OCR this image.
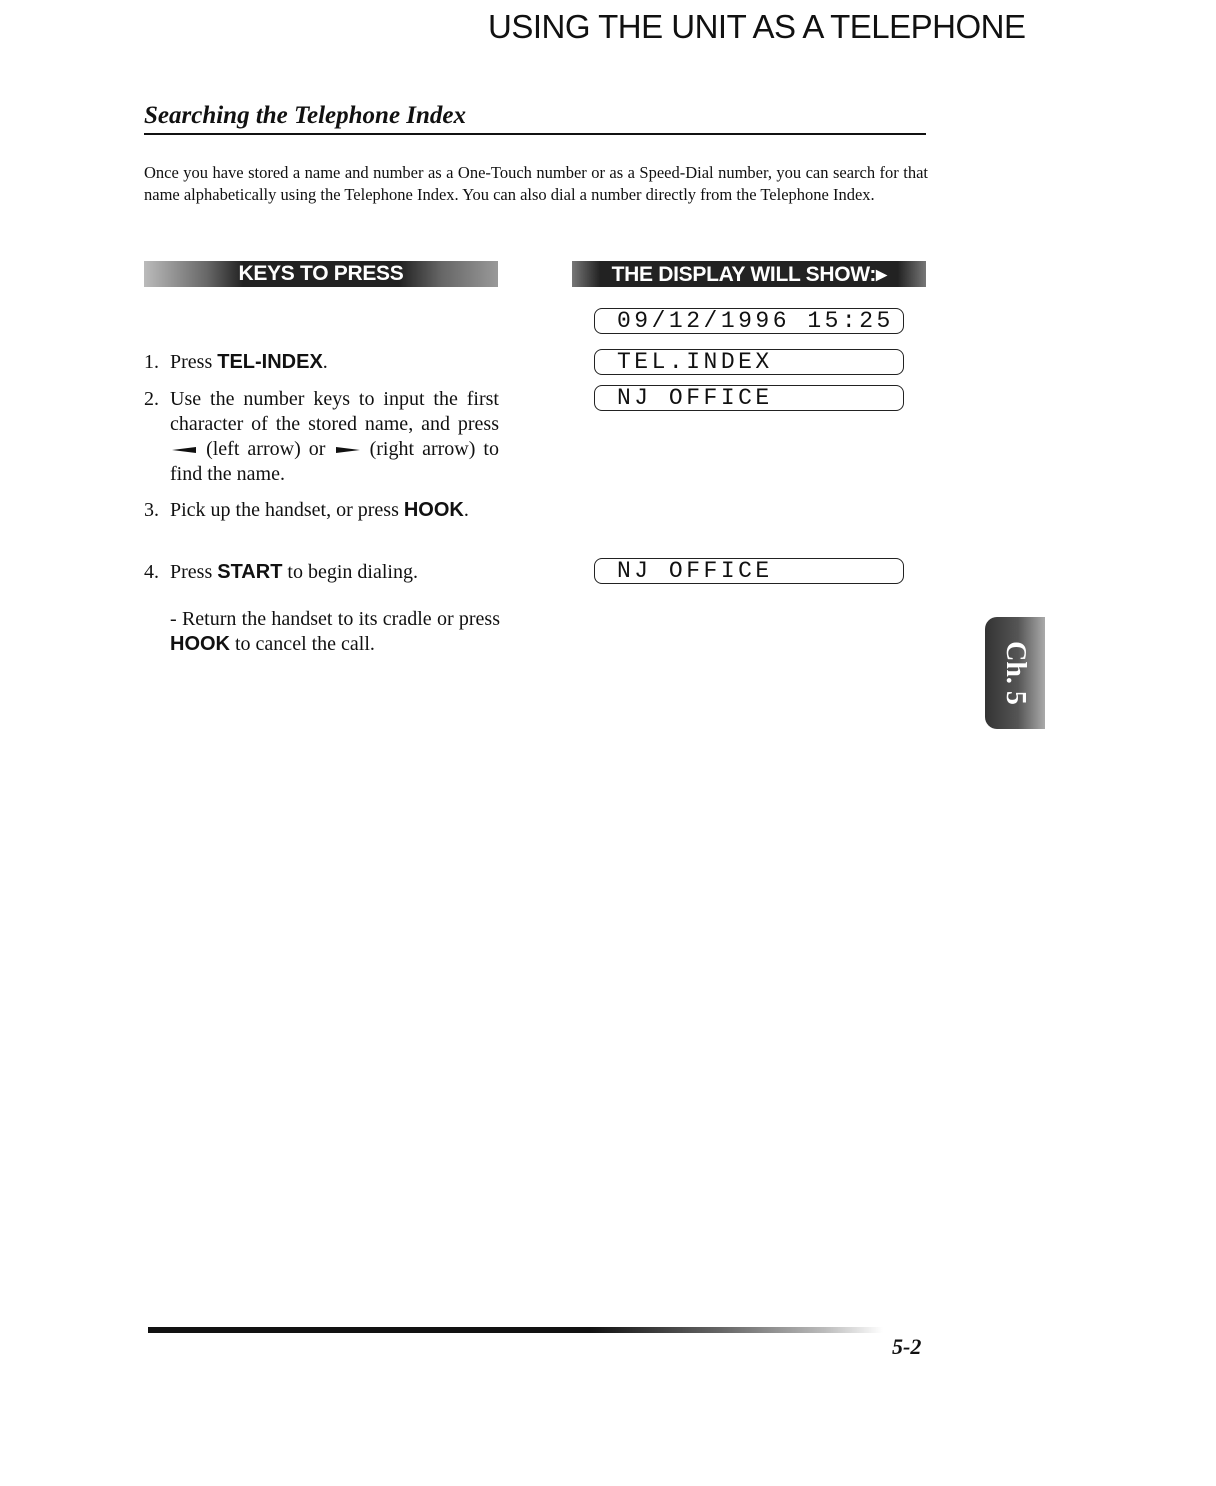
USING THE UNIT AS A TELEPHONE
Searching the Telephone Index
Once you have stored a name and number as a One-Touch number or as a Speed-Dial number, you can search for that name alphabetically using the Telephone Index. You can also dial a number directly from the Telephone Index.
KEYS TO PRESS	THE DISPLAY WILL SHOW:▸
1. Press TEL-INDEX.
2. Use the number keys to input the first character of the stored name, and press  (left arrow) or  (right arrow) to find the name.
3. Pick up the handset, or press HOOK.
4. Press START to begin dialing.
- Return the handset to its cradle or press HOOK to cancel the call.
09/12/1996 15:25
TEL.INDEX
NJ OFFICE
NJ OFFICE
Ch. 5
5-2
